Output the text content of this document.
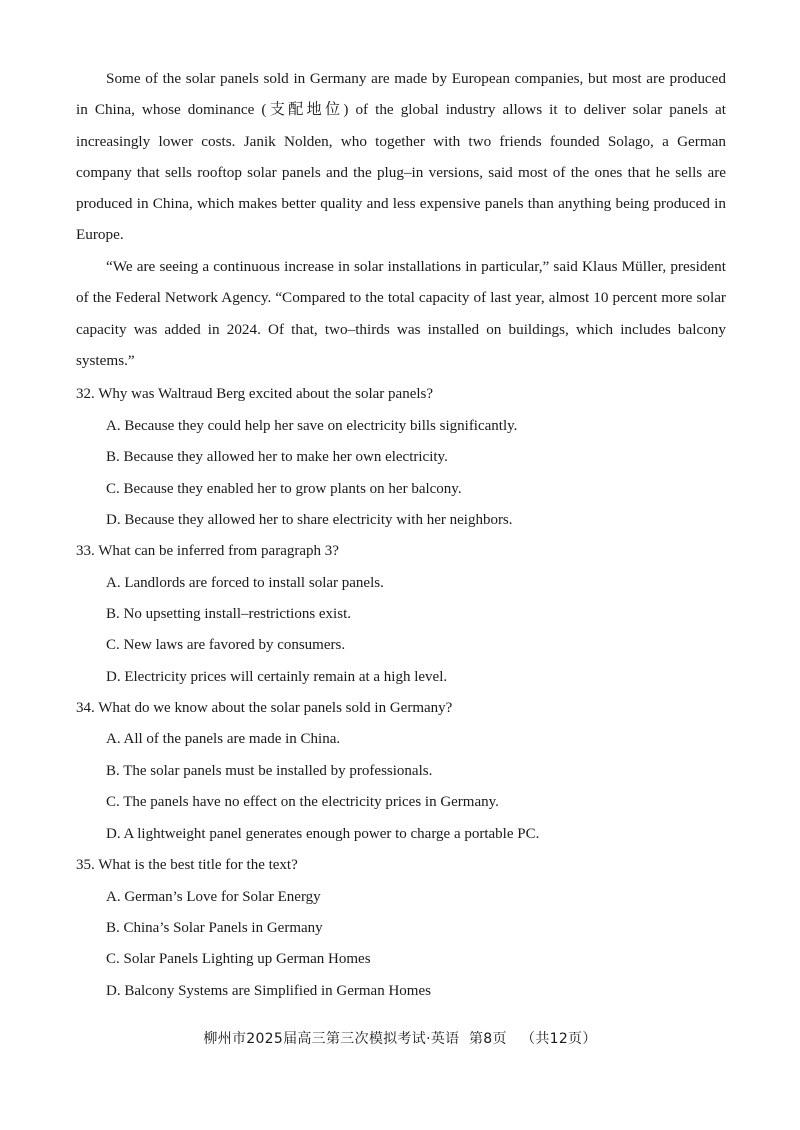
Some of the solar panels sold in Germany are made by European companies, but most are produced in China, whose dominance (支配地位) of the global industry allows it to deliver solar panels at increasingly lower costs. Janik Nolden, who together with two friends founded Solago, a German company that sells rooftop solar panels and the plug–in versions, said most of the ones that he sells are produced in China, which makes better quality and less expensive panels than anything being produced in Europe.

“We are seeing a continuous increase in solar installations in particular,” said Klaus Müller, president of the Federal Network Agency. “Compared to the total capacity of last year, almost 10 percent more solar capacity was added in 2024. Of that, two–thirds was installed on buildings, which includes balcony systems.”

32. Why was Waltraud Berg excited about the solar panels?

A. Because they could help her save on electricity bills significantly.

B. Because they allowed her to make her own electricity.

C. Because they enabled her to grow plants on her balcony.

D. Because they allowed her to share electricity with her neighbors.

33. What can be inferred from paragraph 3?

A. Landlords are forced to install solar panels.

B. No upsetting install–restrictions exist.

C. New laws are favored by consumers.

D. Electricity prices will certainly remain at a high level.

34. What do we know about the solar panels sold in Germany?

A. All of the panels are made in China.

B. The solar panels must be installed by professionals.

C. The panels have no effect on the electricity prices in Germany.

D. A lightweight panel generates enough power to charge a portable PC.

35. What is the best title for the text?

A. German’s Love for Solar Energy

B. China’s Solar Panels in Germany

C. Solar Panels Lighting up German Homes

D. Balcony Systems are Simplified in German Homes

柳州市2025届高三第三次模拟考试·英语 第8页 （共12页）
